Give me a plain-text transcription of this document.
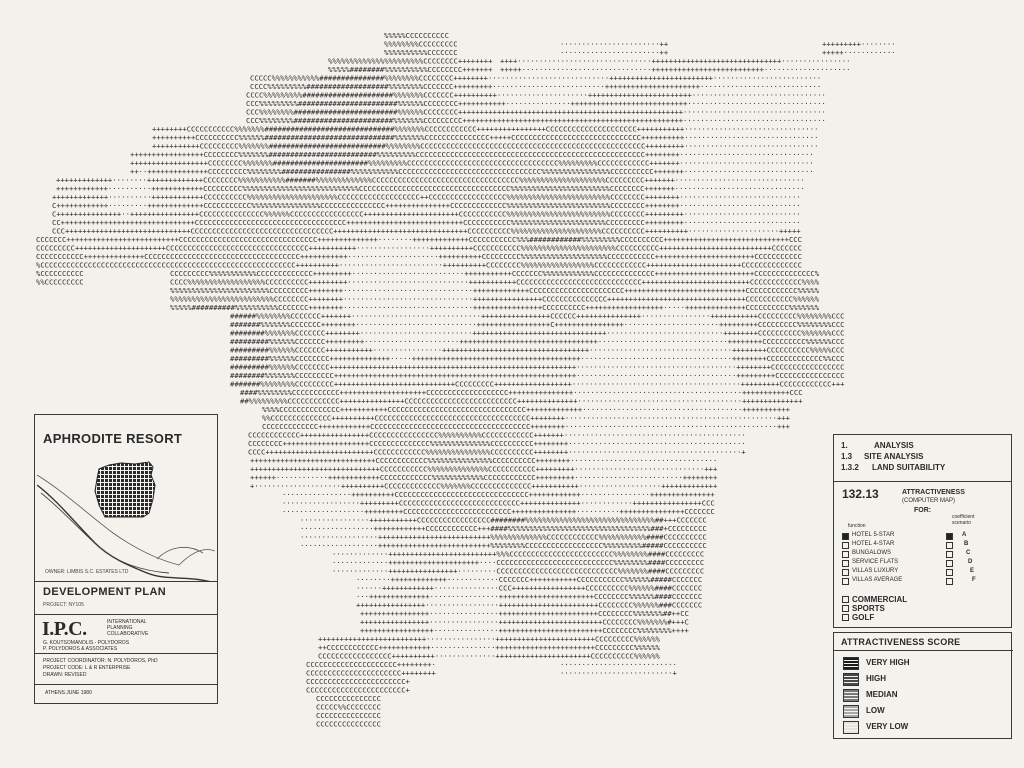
%%%%%CCCCCCCCCC
%%%%%%%%CCCCCCCCC	·······················++	+++++++++········
%%%%%%%%%%CCCCCCC	·······················++	+++++············
%%%%%%%%%%%%%%%%%%%%%%CCCCCCCC++++++++ ++++·······························++++++++++++++++++++++++++++++················
%%%%%########%%%%%%%%%%CCCCCCCC+++++++ +++++······························++++++++++++++++++++++++++····················
CCCCC%%%%%%%%%%%###############%%%%%%%%CCCCCCCC++++++++····························++++++++++++++++++++++++·························
CCCC%%%%%%%%%###################%%%%%%%%CCCCCCC+++++++++··························++++++++++++++++++++++····························
CCCC%%%%%%%%%#####################%%%%%%%CCCCCCC++++++++++·····················++++++++++++++++++++++++·······························
CCC%%%%%%%%%#######################%%%%%%CCCCCCCC+++++++++++···············+++++++++++++++++++++++++++································
CCC%%%%%%%%########################%%%%%%CCCCCCCC++++++++++++++++++++++++++++++++++++++++++++++++++++·································
CCC%%%%%%%%#######################%%%%%%%CCCCCCCCC+++++++++++++++++++++++++++++++++++++++++++++++++++·································
++++++++CCCCCCCCCCC%%%%%%%##############################%%%%%%%CCCCCCCCCCCC++++++++++++++++CCCCCCCCCCCCCCCCCCCCC+++++++++++·······························
++++++++++CCCCCCCCCC%%%%%%##############################%%%%%%%CCCCCCCCCCCCCCC+++++CCCCCCCCCCCCCCCCCCCCCCCCCCCCCC++++++++++·······························
+++++++++++CCCCCCCCC%%%%%%%###########################%%%%%%%%CCCCCCCCCCCCCCCCCCCCCCCCCCCCCCCCCCCCCCCCCCCCCCCCCCCC+++++++++·······························
+++++++++++++++++CCCCCCCC%%%%%%%#########################%%%%%%%%%CCCCCCCCCCCCCCCCCCCCCCCCCCCCCCCCCCCCCCCCCCCCCCCCCCCCC++++++++·······························
++++++++++++++++++CCCCCCCC%%%%%%%######################%%%%%%%%%CCCCCCCCCCCCCCCCCCCCCCCCCCCCCCCCCCC%%%%%%%%%CCCCCCCCCCCC+++++++·······························
++··++++++++++++++CCCCCCCCC%%%%%%%%################%%%%%%%%%%%CCCCCCCCCCCCCCCCCCCCCCCCCCCCCCCCC%%%%%%%%%%%%%%%%CCCCCCCCCC+++++++······························
+++++++++++++········+++++++++++++CCCCCCCC%%%%%%%%%%%#######%%%%%%%%%%%%%CCCCCCCCCCCCCCCCCCCCCCCCCCCCCCCCCC%%%%%%%%%%%%%%%%%%%%CCCCCCCCC+++++++······························
++++++++++++··········++++++++++++CCCCCCCCC%%%%%%%%%%%%%%%%%%%%%%%%%%%CCCCCCCCCCCCCCCCCCCCCCCCCCCCCCCCCCC%%%%%%%%%%%%%%%%%%%%%%%CCCCCCCC+++++++······························
+++++++++++++··········++++++++++++CCCCCCCCCC%%%%%%%%%%%%%%%%%%%%%CCCCCCCCCCCCCCCCCCC++CCCCCCCCCCCCCCCCCC%%%%%%%%%%%%%%%%%%%%%%%%CCCCCCCC++++++++····························
C++++++++++++·········+++++++++++++CCCCCCCCCCC%%%%%%%%%%%%%%%%CCCCCCCCCCCCCCC+++++++++++++++CCCCCCCCCCCCC%%%%%%%%%%%%%%%%%%%%%%%%CCCCCCCC++++++++····························
C+++++++++++++++··++++++++++++++++CCCCCCCCCCCCCCC%%%%%%CCCCCCCCCCCCCCCCC++++++++++++++++++++++CCCCCCCCCCC%%%%%%%%%%%%%%%%%%%%%%%%CCCCCCCC+++++++++···························
CC+++++++++++++++++++++++++++++++CCCCCCCCCCCCCCCCCCCCCCCCCCCCCCCCCCC+++++++++++++++++++++++++++CCCCCCCCCCC%%%%%%%%%%%%%%%%%%%%%%CCCCCCCCC+++++++++···························
CCC+++++++++++++++++++++++++++++CCCCCCCCCCCCCCCCCCCCCCCCCCCCCCCCC+++++++++++++++++++++++++++++++CCCCCCCCCC%%%%%%%%%%%%%%%%%%%%%CCCCCCCCCC++++++++++·····················+++++
CCCCCCC++++++++++++++++++++++++++CCCCCCCCCCCCCCCCCCCCCCCCCCCCCCCC++++++++++++++········+++++++++++++CCCCCCCCCCC%%%############%%%%%%%%%CCCCCCCCCC+++++++++++++++++++++++++++++CCC
CCCCCCCCC+++++++++++++++++++++CCCCCCCCCCCCCCCCCCCCCCCCCCCCCCCCC+++++++++++·················++++++++++CCCCCCCCCCC%%%%%%%%%%%%%%%%%%%%%%CCCCCCCCCC++++++++++++++++++++++++++CCCCCCC
CCCCCCCCCCC++++++++++++++CCCCCCCCCCCCCCCCCCCCCCCCCCCCCCCCCCCC+++++++++++·····················++++++++++CCCCCCCCC%%%%%%%%%%%%%%%%%%%%CCCCCCCCCCC+++++++++++++++++++++++CCCCCCCCCCC
%CCCCCCCCCCCCCCCCCCCCCCCCCCCCCCCCCCCCCCCCCCCCCCCCCCCCCCCCCCC++++++++++························++++++++++CCCCCCCC%%%%%%%%%%%%%%%%%CCCCCCCCCCCC++++++++++++++++++++++CCCCCCCCCCCCCC
%CCCCCCCCCC	CCCCCCCCC%%%%%%%%%%%CCCCCCCCCCCCC+++++++++··························+++++++++++CCCCCCC%%%%%%%%%%%%CCCCCCCCCCCCCC+++++++++++++++++++++++CCCCCCCCCCCCCC%
%%CCCCCCCCC	CCCC%%%%%%%%%%%%%%%%%%CCCCCCCCCC+++++++++····························+++++++++++CCCCCCCCCCCCCCCCCCCCCCCCCCCCC+++++++++++++++++++++++++CCCCCCCCCCCC%%%%
%%%%%%%%%%%%%%%%%%%%%%%CCCCCCCCC++++++++······························+++++++++++++CCCCCCCCCCCCCCCCCCCCCC++++++++++++++++++++++++++++CCCCCCCCCCCC%%%%%
%%%%%%%%%%%%%%%%%%%%%%%%CCCCCCCC++++++++······························++++++++++++++++CCCCCCCCCCCCCCC++++++++++++++++++++++++++++++++CCCCCCCCCCC%%%%%%
%%%%%##########%%%%%%%%%%CCCCCCC++++++++······························++++++++++++++++CCCCCCCCCC++++++++++++++++++·····++++++++++++++CCCCCCCCCC%%%%%%%
######%%%%%%%%CCCCCCC+++++++······························++++++++++++++++CCCCCC+++++++++++++++················+++++++++++CCCCCCCCC%%%%%%%%CCC
#######%%%%%%%CCCCCCC++++++++····························+++++++++++++++++C++++++++++++++++······················+++++++++CCCCCCCCC%%%%%%%%CCC
########%%%%%%%CCCCCCC++++++++··························+++++++++++++++++++++++++++++++···························++++++++CCCCCCCCCC%%%%%%%CCC
#########%%%%%%CCCCCCC+++++++++······················++++++++++++++++++++++++++++++++······························++++++++CCCCCCCCCC%%%%%%CCC
#########%%%%%%CCCCCCC+++++++++++················++++++++++++++++++++++++++++++++++·································++++++++CCCCCCCCCC%%%%%CCC
#########%%%%%%CCCCCCCC++++++++++++++·····+++++++++++++++++++++++++++++++++++++++···································++++++++CCCCCCCCCCCCC%%CCC
#########%%%%%%CCCCCCCC+++++++++++++++++++++++++++++++++++++++++++++++++++++++++·····································++++++++CCCCCCCCCCCCCCCCC
########%%%%%%%CCCCCCCCC++++++++++++++++++++++++++++++++++++++++++++++++++++++++·····································+++++++++CCCCCCCCCCCCCCCC
#######%%%%%%%%CCCCCCCCC++++++++++++++++++++++++++++CCCCCCCCC++++++++++++++++++·······································+++++++++CCCCCCCCCCCC+++
####%%%%%%%%CCCCCCCCCCC++++++++++++++++++++CCCCCCCCCCCCCCCCCCC+++++++++++++++·······································+++++++++++CCC
##%%%%%%%%%CCCCCCCCCCCC+++++++++++++++CCCCCCCCCCCCCCCCCCCCCCCCCC++++++++++++++······································++++++++++++++
%%%%CCCCCCCCCCCCCC+++++++++++CCCCCCCCCCCCCCCCCCCCCCCCCCCCCCCC+++++++++++++·····································+++++++++++
%%CCCCCCCCCCCCCC++++++++++CCCCCCCCCCCCCCCCCCCCCCCCCCCCCCCCCCCC++++++++·················································+++
CCCCCCCCCCCCC++++++++++++CCCCCCCCCCCCCCCCCCCCCCCCCCCCCCCCCCCCC++++++++·················································+++
CCCCCCCCCCCC++++++++++++++++CCCCCCCCCCCCCCCC%%%%%%%%%%CCCCCCCCCCCC+++++++··········································
CCCCCCCC++++++++++++++++++++CCCCCCCCCCCCCC%%%%%%%%%%%%%%CCCCCCCCCC++++++++·········································
CCCC+++++++++++++++++++++++++CCCCCCCCCCCC%%%%%%%%%%%%%%%CCCCCCCCCC++++++++········································+
+++++++++++++++++++++++++++++CCCCCCCCCCCC%%%%%%%%%%%%%%%CCCCCCCCCC++++++++··································
++++++++++++++++++++++++++++++CCCCCCCCCCC%%%%%%%%%%%%%%CCCCCCCCCCC+++++++++······························+++
++++++············++++++++++++CCCCCCCCCCCC%%%%%%%%%%%%CCCCCCCCCCCC+++++++++·························++++++++
+····················++++++++++CCCCCCCCCCCCC%%%%%%%CCCCCCCCCCCCCC+++++++++++···················+++++++++++++
················++++++++++CCCCCCCCCCCCCCCCCCCCCCCCCCCCCCC++++++++++++················+++++++++++++++
··················+++++++++CCCCCCCCCCCCCCCCCCCCCCCCCCCC++++++++++++++············++++++++++++++++CCC
···················+++++++++CCCCCCCCCCCCCCCCCCCCCCCCC+++++++++++++++··········+++++++++++++++CCCCCCC
················+++++++++++CCCCCCCCCCCCCCCCC########%%%%%%%%%%%%%%%%%%%%%%%%%%%%%%##+++CCCCCCC
·················++++++++++++CCCCCCCCCCCC+++####%%%%%%%%%%%%%%%%%%%%%%%%%%%%%%%%%###+CCCCCCCCC
··················++++++++++++++++++++++++++%%%%%%%%%%%%%CCCCCCCCCCCC%%%%%%%%%%%####CCCCCCCCCC
··················++++++++++++++++++++++++++%%%%%%%%CCCCCCCCCCCCCCCCCC%%%%%%%%%#####CCCCCCCCCC
·············+++++++++++++++++++++++++%%%CCCCCCCCCCCCCCCCCCCCCCCC%%%%%%%%####CCCCCCCCC
·············+++++++++++++++++++++····CCCCCCCCCCCCCCCCCCCCCCCCCCC%%%%%%%%####CCCCCCCCC
·············++++++++++++++++·········CCCCCCCCCCCCCCCCCCCCCCCCCCCC%%%%%%%####CCCCCCCCC
········+++++++++++++············CCCCCCC+++++++++++CCCCCCCCCCC%%%%%%#####CCCCCCC
······++++++++++++···············CCC+++++++++++++++++CCCCCCCCCC%%%%%%####CCCCCCC
···++++++++++++++················++++++++++++++++++++++CCCCCCCC%%%%%%####CCCCCCC
++++++++++++++++·················+++++++++++++++++++++++CCCCCCCC%%%%%%###CCCCCCC
++++++++++++++++················+++++++++++++++++++++++CCCCCCCC%%%%%%%##++CC
++++++++++++++++················++++++++++++++++++++++++CCCCCCCC%%%%%%%#+++C
+++++++++++++++++···············++++++++++++++++++++++++CCCCCCCC%%%%%%%%++++
+++++++++++++++++++++++++················+++++++++++++++++++++++CCCCCCCCC%%%%%%
++CCCCCCCCCCCC++++++++++++···············+++++++++++++++++++++++CCCCCCCCC%%%%%%
CCCCCCCCCCCCCCCCC++++++++++··············++++++++++++++++++++++CCCCCCCCCC%%%%%%
CCCCCCCCCCCCCCCCCCCCC++++++++·	···························
CCCCCCCCCCCCCCCCCCCCCC++++++++	··························+
CCCCCCCCCCCCCCCCCCCCCCC+
CCCCCCCCCCCCCCCCCCCCCCC+
CCCCCCCCCCCCCCC
CCCCC%%CCCCCCCC
CCCCCCCCCCCCCCC
CCCCCCCCCCCCCCC
APHRODITE RESORT
OWNER: LIMBIS S.C. ESTATES LTD
DEVELOPMENT PLAN
PROJECT: NY105
I.P.C.	INTERNATIONAL
PLANNING
COLLABORATIVE
G. KOUTSOMANOLIS - POLYDOROS
P. POLYDOROS & ASSOCIATES
PROJECT COORDINATOR: N. POLYDOROS, PhD
PROJECT CODE: L & R ENTERPRISE
DRAWN: REVISED
ATHENS JUNE 1980
1.	ANALYSIS
1.3 SITE ANALYSIS
1.3.2 LAND SUITABILITY
132.13	ATTRACTIVENESS
(COMPUTER MAP)
FOR:
function
coefficient
scenario
HOTEL 5-STAR	A
HOTEL 4-STAR	B
BUNGALOWS	C
SERVICE FLATS	D
VILLAS LUXURY	E
VILLAS AVERAGE	F
COMMERCIAL
SPORTS
GOLF
ATTRACTIVENESS SCORE
VERY HIGH
HIGH
MEDIAN
LOW
VERY LOW
